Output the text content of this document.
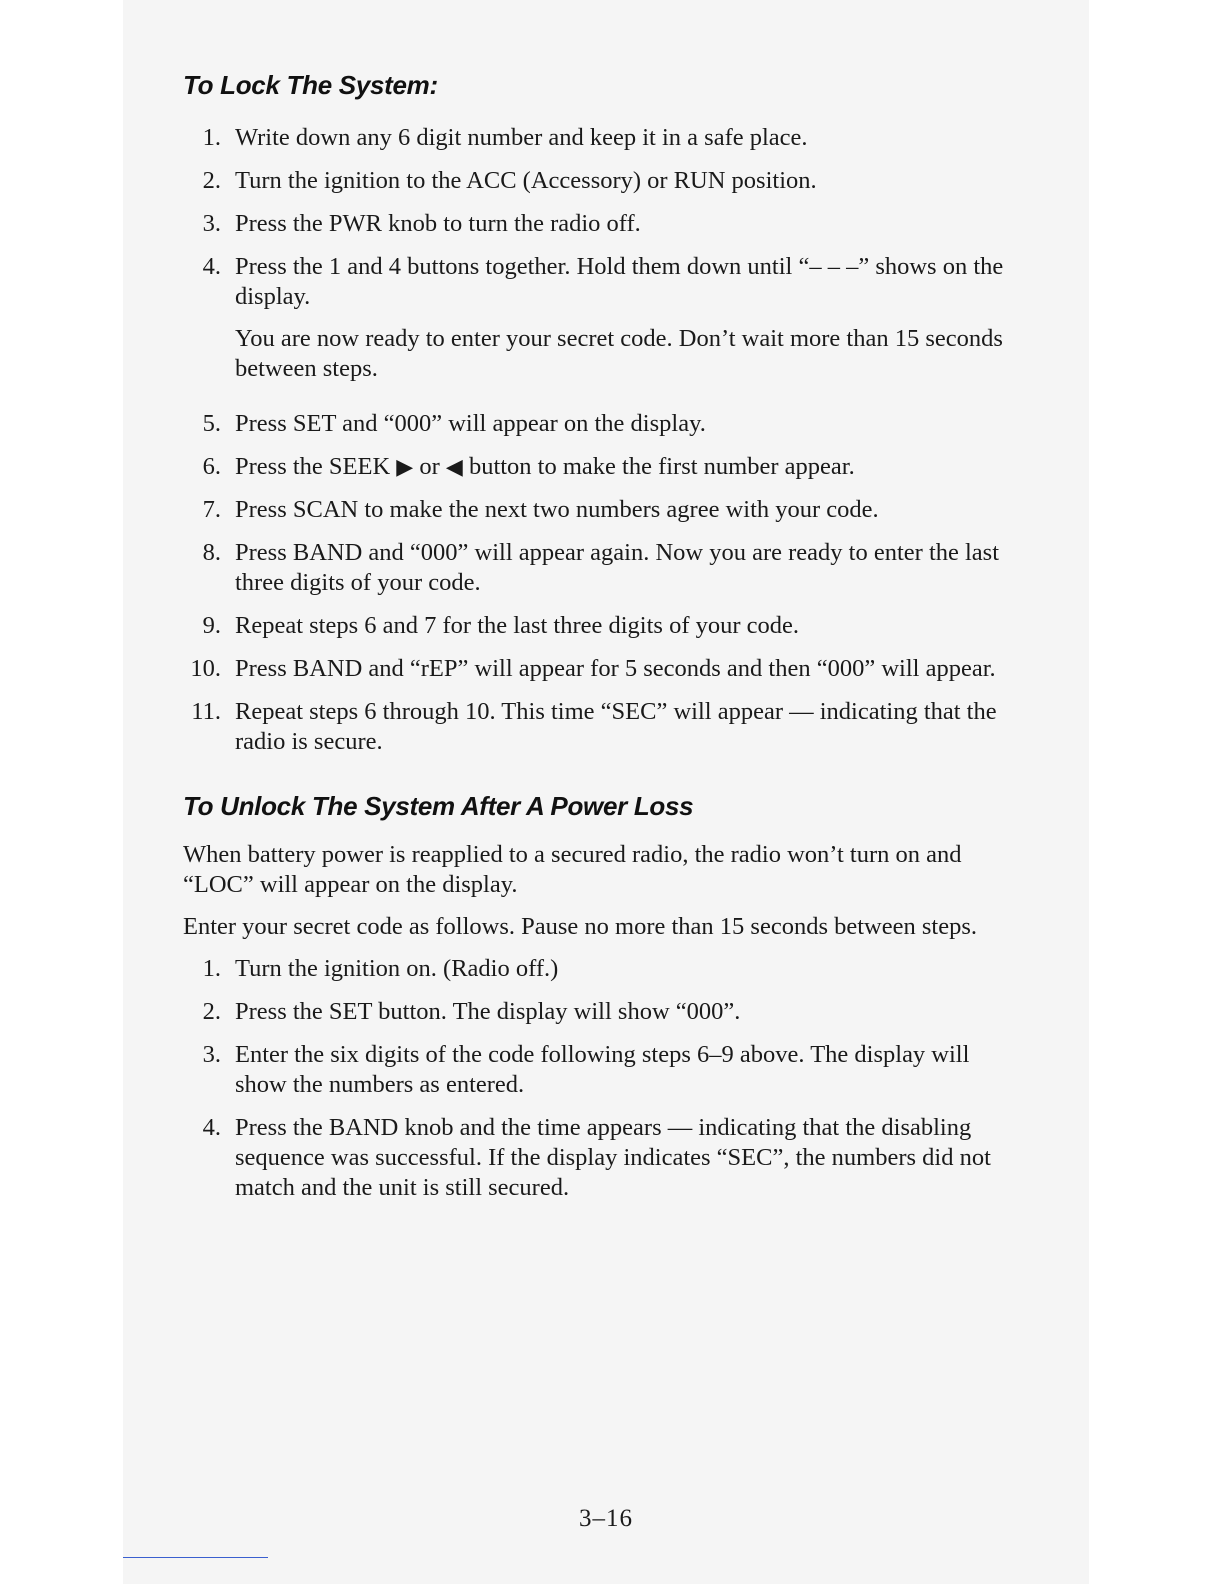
To Lock The System:
1. Write down any 6 digit number and keep it in a safe place.
2. Turn the ignition to the ACC (Accessory) or RUN position.
3. Press the PWR knob to turn the radio off.
4. Press the 1 and 4 buttons together. Hold them down until “– – –” shows on the display.

You are now ready to enter your secret code. Don’t wait more than 15 seconds between steps.

5. Press SET and “000” will appear on the display.
6. Press the SEEK ▶ or ◀ button to make the first number appear.
7. Press SCAN to make the next two numbers agree with your code.
8. Press BAND and “000” will appear again. Now you are ready to enter the last three digits of your code.
9. Repeat steps 6 and 7 for the last three digits of your code.
10. Press BAND and “rEP” will appear for 5 seconds and then “000” will appear.
11. Repeat steps 6 through 10. This time “SEC” will appear — indicating that the radio is secure.
To Unlock The System After A Power Loss

When battery power is reapplied to a secured radio, the radio won’t turn on and “LOC” will appear on the display.

Enter your secret code as follows. Pause no more than 15 seconds between steps.

1. Turn the ignition on. (Radio off.)
2. Press the SET button. The display will show “000”.
3. Enter the six digits of the code following steps 6–9 above. The display will show the numbers as entered.
4. Press the BAND knob and the time appears — indicating that the disabling sequence was successful. If the display indicates “SEC”, the numbers did not match and the unit is still secured.
3–16
